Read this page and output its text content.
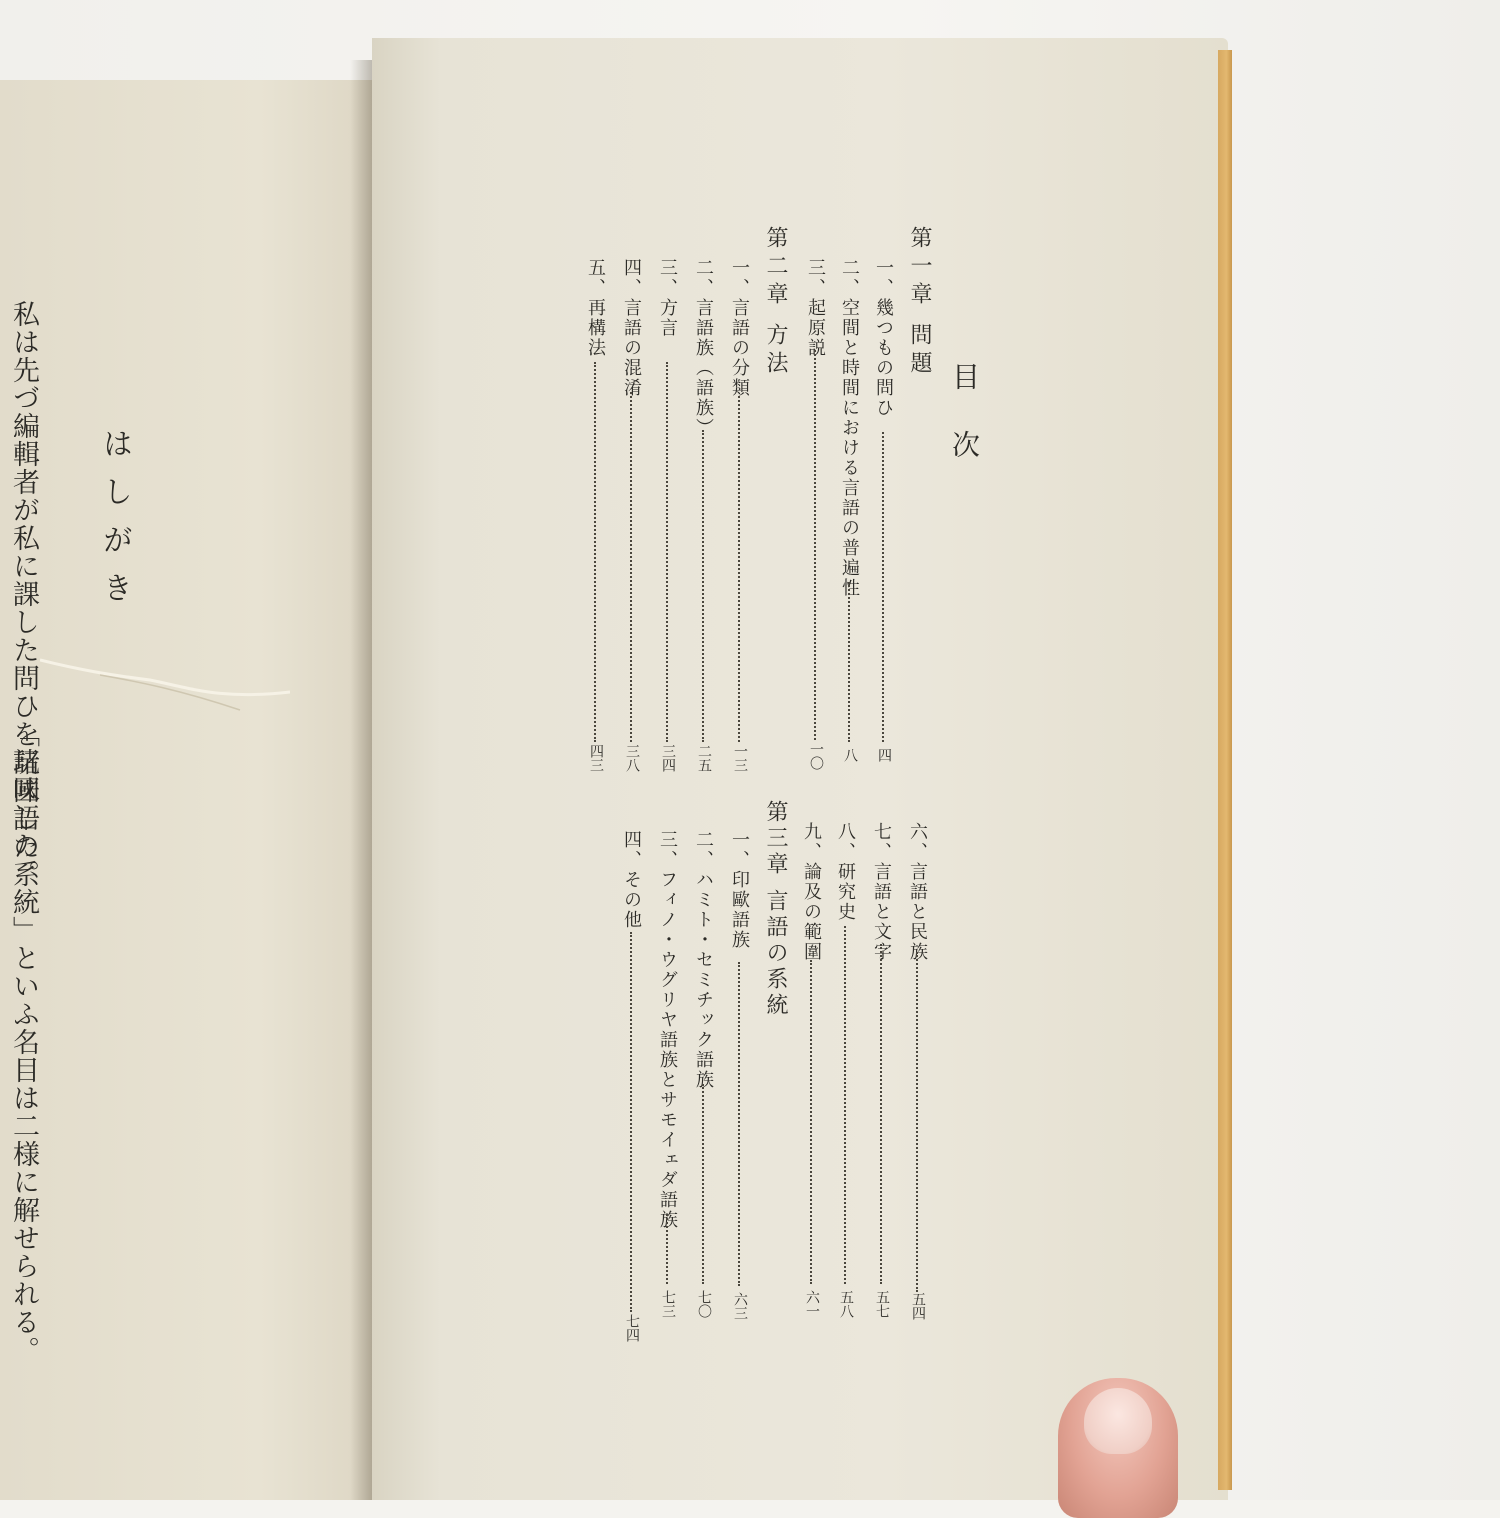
はしがき
私は先づ編輯者が私に課した問ひを玩味した。
「諸國語の系統」といふ名目は二様に解せられる。
目次
第一章 問題
一、幾つもの問ひ
四
二、空間と時間における言語の普遍性
八
三、起原説
一〇
第二章 方法
一、言語の分類
一三
二、言語族（語族）
二五
三、方言
三四
四、言語の混淆
三八
五、再構法
四三
六、言語と民族
五四
七、言語と文字
五七
八、研究史
五八
九、論及の範圍
六一
第三章 言語の系統
一、印歐語族
六三
二、ハミト・セミチック語族
七〇
三、フィノ・ウグリヤ語族とサモイェダ語族
七三
四、その他
七四
